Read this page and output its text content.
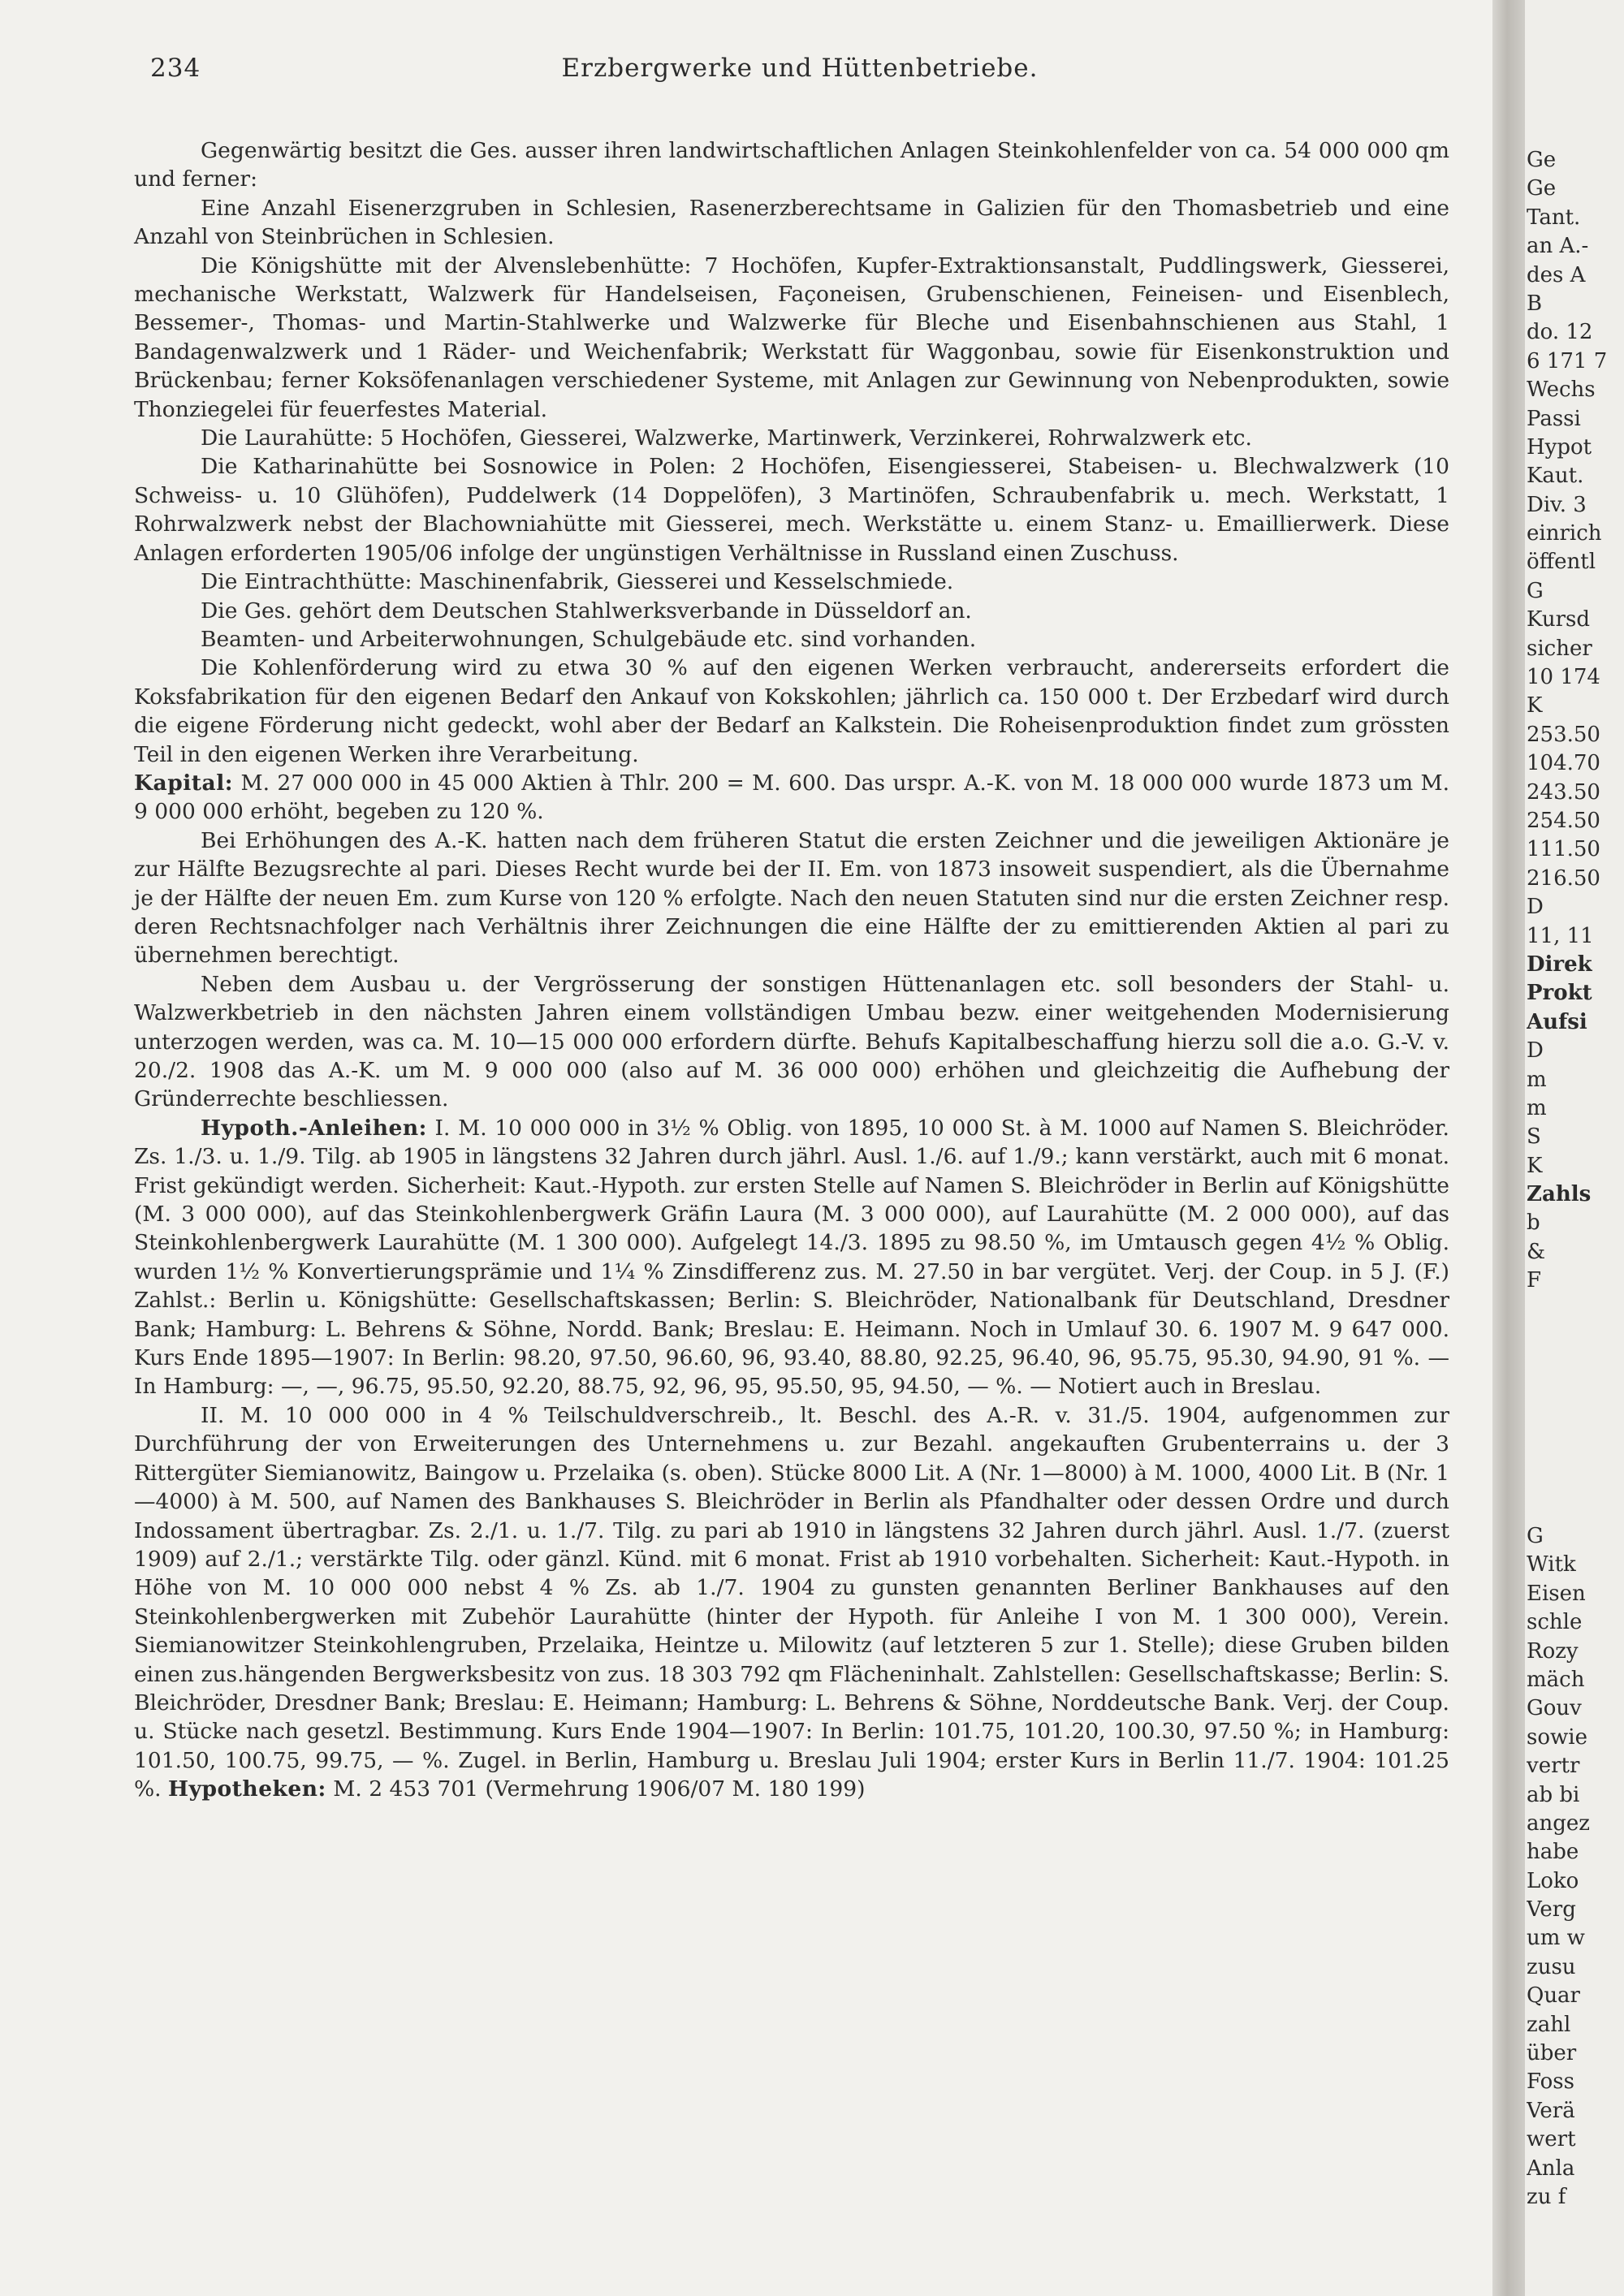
234	Erzbergwerke und Hüttenbetriebe.

Gegenwärtig besitzt die Ges. ausser ihren landwirtschaftlichen Anlagen Steinkohlenfelder von ca. 54 000 000 qm und ferner:

Eine Anzahl Eisenerzgruben in Schlesien, Rasenerzberechtsame in Galizien für den Thomasbetrieb und eine Anzahl von Steinbrüchen in Schlesien.

Die Königshütte mit der Alvenslebenhütte: 7 Hochöfen, Kupfer-Extraktionsanstalt, Puddlingswerk, Giesserei, mechanische Werkstatt, Walzwerk für Handelseisen, Façoneisen, Grubenschienen, Feineisen- und Eisenblech, Bessemer-, Thomas- und Martin-Stahlwerke und Walzwerke für Bleche und Eisenbahnschienen aus Stahl, 1 Bandagenwalzwerk und 1 Räder- und Weichenfabrik; Werkstatt für Waggonbau, sowie für Eisenkonstruktion und Brückenbau; ferner Koksöfenanlagen verschiedener Systeme, mit Anlagen zur Gewinnung von Nebenprodukten, sowie Thonziegelei für feuerfestes Material.

Die Laurahütte: 5 Hochöfen, Giesserei, Walzwerke, Martinwerk, Verzinkerei, Rohrwalzwerk etc.

Die Katharinahütte bei Sosnowice in Polen: 2 Hochöfen, Eisengiesserei, Stabeisen- u. Blechwalzwerk (10 Schweiss- u. 10 Glühöfen), Puddelwerk (14 Doppelöfen), 3 Martinöfen, Schraubenfabrik u. mech. Werkstatt, 1 Rohrwalzwerk nebst der Blachowniahütte mit Giesserei, mech. Werkstätte u. einem Stanz- u. Emaillierwerk. Diese Anlagen erforderten 1905/06 infolge der ungünstigen Verhältnisse in Russland einen Zuschuss.

Die Eintrachthütte: Maschinenfabrik, Giesserei und Kesselschmiede.

Die Ges. gehört dem Deutschen Stahlwerksverbande in Düsseldorf an.

Beamten- und Arbeiterwohnungen, Schulgebäude etc. sind vorhanden.

Die Kohlenförderung wird zu etwa 30 % auf den eigenen Werken verbraucht, andererseits erfordert die Koksfabrikation für den eigenen Bedarf den Ankauf von Kokskohlen; jährlich ca. 150 000 t. Der Erzbedarf wird durch die eigene Förderung nicht gedeckt, wohl aber der Bedarf an Kalkstein. Die Roheisenproduktion findet zum grössten Teil in den eigenen Werken ihre Verarbeitung.

Kapital: M. 27 000 000 in 45 000 Aktien à Thlr. 200 = M. 600. Das urspr. A.-K. von M. 18 000 000 wurde 1873 um M. 9 000 000 erhöht, begeben zu 120 %.

Bei Erhöhungen des A.-K. hatten nach dem früheren Statut die ersten Zeichner und die jeweiligen Aktionäre je zur Hälfte Bezugsrechte al pari. Dieses Recht wurde bei der II. Em. von 1873 insoweit suspendiert, als die Übernahme je der Hälfte der neuen Em. zum Kurse von 120 % erfolgte. Nach den neuen Statuten sind nur die ersten Zeichner resp. deren Rechtsnachfolger nach Verhältnis ihrer Zeichnungen die eine Hälfte der zu emittierenden Aktien al pari zu übernehmen berechtigt.

Neben dem Ausbau u. der Vergrösserung der sonstigen Hüttenanlagen etc. soll besonders der Stahl- u. Walzwerkbetrieb in den nächsten Jahren einem vollständigen Umbau bezw. einer weitgehenden Modernisierung unterzogen werden, was ca. M. 10—15 000 000 erfordern dürfte. Behufs Kapitalbeschaffung hierzu soll die a.o. G.-V. v. 20./2. 1908 das A.-K. um M. 9 000 000 (also auf M. 36 000 000) erhöhen und gleichzeitig die Aufhebung der Gründerrechte beschliessen.

Hypoth.-Anleihen: I. M. 10 000 000 in 3½ % Oblig. von 1895, 10 000 St. à M. 1000 auf Namen S. Bleichröder. Zs. 1./3. u. 1./9. Tilg. ab 1905 in längstens 32 Jahren durch jährl. Ausl. 1./6. auf 1./9.; kann verstärkt, auch mit 6 monat. Frist gekündigt werden. Sicherheit: Kaut.-Hypoth. zur ersten Stelle auf Namen S. Bleichröder in Berlin auf Königshütte (M. 3 000 000), auf das Steinkohlenbergwerk Gräfin Laura (M. 3 000 000), auf Laurahütte (M. 2 000 000), auf das Steinkohlenbergwerk Laurahütte (M. 1 300 000). Aufgelegt 14./3. 1895 zu 98.50 %, im Umtausch gegen 4½ % Oblig. wurden 1½ % Konvertierungsprämie und 1¼ % Zinsdifferenz zus. M. 27.50 in bar vergütet. Verj. der Coup. in 5 J. (F.) Zahlst.: Berlin u. Königshütte: Gesellschaftskassen; Berlin: S. Bleichröder, Nationalbank für Deutschland, Dresdner Bank; Hamburg: L. Behrens & Söhne, Nordd. Bank; Breslau: E. Heimann. Noch in Umlauf 30. 6. 1907 M. 9 647 000. Kurs Ende 1895—1907: In Berlin: 98.20, 97.50, 96.60, 96, 93.40, 88.80, 92.25, 96.40, 96, 95.75, 95.30, 94.90, 91 %. — In Hamburg: —, —, 96.75, 95.50, 92.20, 88.75, 92, 96, 95, 95.50, 95, 94.50, — %. — Notiert auch in Breslau.

II. M. 10 000 000 in 4 % Teilschuldverschreib., lt. Beschl. des A.-R. v. 31./5. 1904, aufgenommen zur Durchführung der von Erweiterungen des Unternehmens u. zur Bezahl. angekauften Grubenterrains u. der 3 Rittergüter Siemianowitz, Baingow u. Przelaika (s. oben). Stücke 8000 Lit. A (Nr. 1—8000) à M. 1000, 4000 Lit. B (Nr. 1—4000) à M. 500, auf Namen des Bankhauses S. Bleichröder in Berlin als Pfandhalter oder dessen Ordre und durch Indossament übertragbar. Zs. 2./1. u. 1./7. Tilg. zu pari ab 1910 in längstens 32 Jahren durch jährl. Ausl. 1./7. (zuerst 1909) auf 2./1.; verstärkte Tilg. oder gänzl. Künd. mit 6 monat. Frist ab 1910 vorbehalten. Sicherheit: Kaut.-Hypoth. in Höhe von M. 10 000 000 nebst 4 % Zs. ab 1./7. 1904 zu gunsten genannten Berliner Bankhauses auf den Steinkohlenbergwerken mit Zubehör Laurahütte (hinter der Hypoth. für Anleihe I von M. 1 300 000), Verein. Siemianowitzer Steinkohlengruben, Przelaika, Heintze u. Milowitz (auf letzteren 5 zur 1. Stelle); diese Gruben bilden einen zus.hängenden Bergwerksbesitz von zus. 18 303 792 qm Flächeninhalt. Zahlstellen: Gesellschaftskasse; Berlin: S. Bleichröder, Dresdner Bank; Breslau: E. Heimann; Hamburg: L. Behrens & Söhne, Norddeutsche Bank. Verj. der Coup. u. Stücke nach gesetzl. Bestimmung. Kurs Ende 1904—1907: In Berlin: 101.75, 101.20, 100.30, 97.50 %; in Hamburg: 101.50, 100.75, 99.75, — %. Zugel. in Berlin, Hamburg u. Breslau Juli 1904; erster Kurs in Berlin 11./7. 1904: 101.25 %. Hypotheken: M. 2 453 701 (Vermehrung 1906/07 M. 180 199)

Ge
Ge
Tant.
an A.-
des A
B
do. 12
6 171 7
Wechs
Passi
Hypot
Kaut.
Div. 3
einrich
öffentl
G
Kursd
sicher
10 174
K
253.50
104.70
243.50
254.50
111.50
216.50
D
11, 11
Direk
Prokt
Aufsi
D
m
m
S
K
Zahls
b
&
F
G
Witk
Eisen
schle
Rozy
mäch
Gouv
sowie
vertr
ab bi
angez
habe
Loko
Verg
um w
zusu
Quar
zahl
über
Foss
Verä
wert
Anla
zu f
